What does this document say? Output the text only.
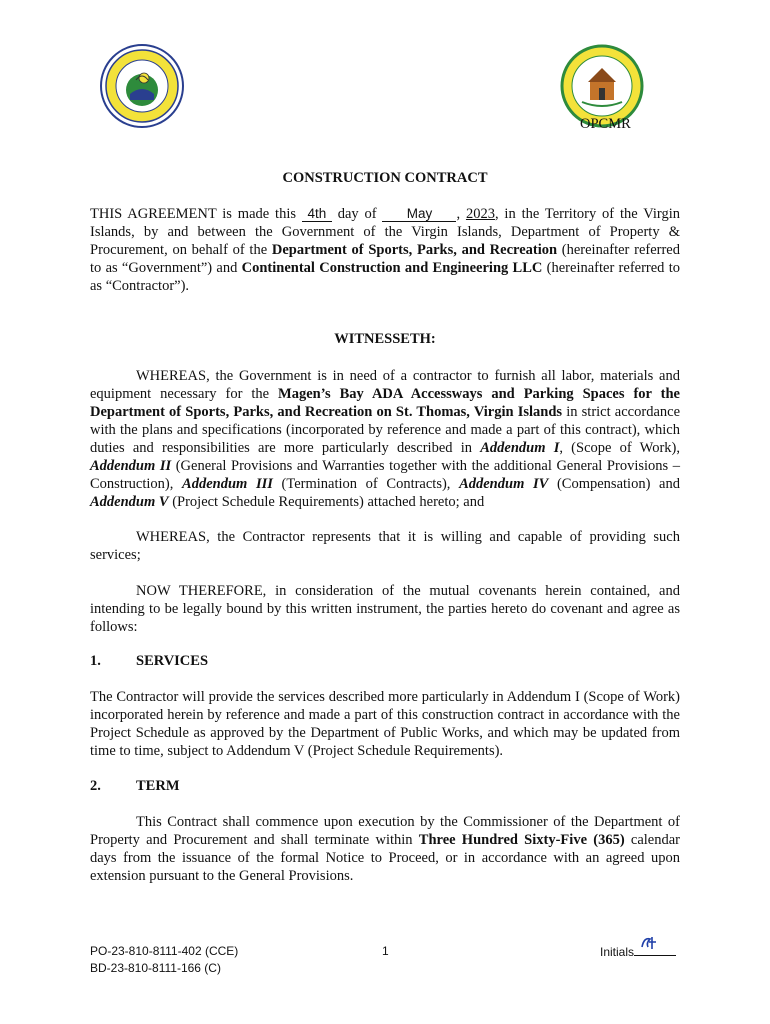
OPCMR
CONSTRUCTION CONTRACT
THIS AGREEMENT is made this 4th day of May , 2023, in the Territory of the Virgin Islands, by and between the Government of the Virgin Islands, Department of Property & Procurement, on behalf of the Department of Sports, Parks, and Recreation (hereinafter referred to as “Government”) and Continental Construction and Engineering LLC (hereinafter referred to as “Contractor”).
WITNESSETH:
WHEREAS, the Government is in need of a contractor to furnish all labor, materials and equipment necessary for the Magen’s Bay ADA Accessways and Parking Spaces for the Department of Sports, Parks, and Recreation on St. Thomas, Virgin Islands in strict accordance with the plans and specifications (incorporated by reference and made a part of this contract), which duties and responsibilities are more particularly described in Addendum I, (Scope of Work), Addendum II (General Provisions and Warranties together with the additional General Provisions – Construction), Addendum III (Termination of Contracts), Addendum IV (Compensation) and Addendum V (Project Schedule Requirements) attached hereto; and
WHEREAS, the Contractor represents that it is willing and capable of providing such services;
NOW THEREFORE, in consideration of the mutual covenants herein contained, and intending to be legally bound by this written instrument, the parties hereto do covenant and agree as follows:
1. SERVICES
The Contractor will provide the services described more particularly in Addendum I (Scope of Work) incorporated herein by reference and made a part of this construction contract in accordance with the Project Schedule as approved by the Department of Public Works, and which may be updated from time to time, subject to Addendum V (Project Schedule Requirements).
2. TERM
This Contract shall commence upon execution by the Commissioner of the Department of Property and Procurement and shall terminate within Three Hundred Sixty-Five (365) calendar days from the issuance of the formal Notice to Proceed, or in accordance with an agreed upon extension pursuant to the General Provisions.
PO-23-810-8111-402 (CCE)
BD-23-810-8111-166 (C)
1	Initials
